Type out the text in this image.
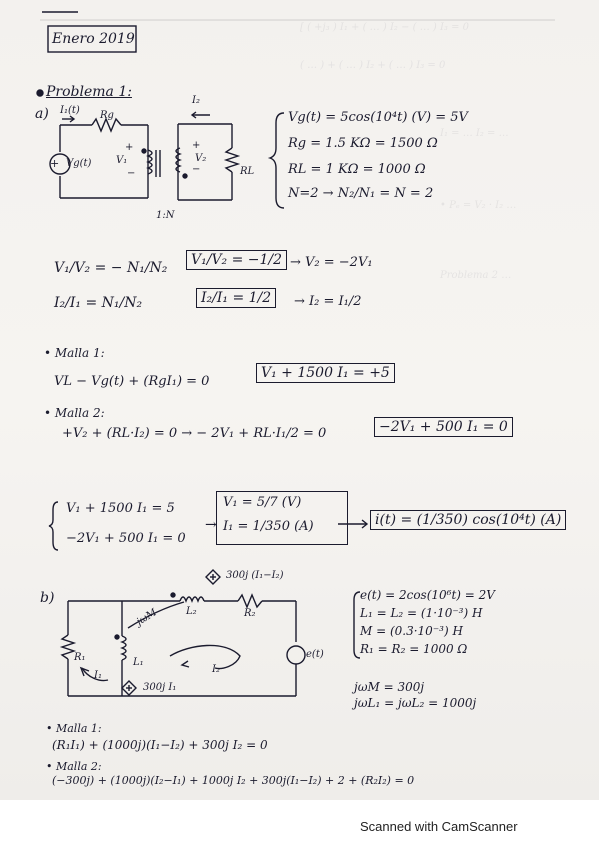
[ ( +j₃ ) I₁ + ( … ) I₂ − ( … ) I₃ = 0
( … ) + ( … ) I₂ + ( … ) I₃ = 0
I₁ = … I₂ = …
• Pₑ = V₂ · I₂ …
Problema 2 …
Enero 2019
Problema 1:
a) I₁(t) Rg
+ Vg(t)
+
V₁
−
I₂
+
V₂
−	RL
1:N
Vg(t) = 5cos(10⁴t) (V) = 5V
Rg = 1.5 KΩ = 1500 Ω
RL = 1 KΩ = 1000 Ω
N=2 → N₂/N₁ = N = 2
V₁/V₂ = − N₁/N₂	V₁/V₂ = −1/2 → V₂ = −2V₁
I₂/I₁ = N₁/N₂	I₂/I₁ = 1/2	→ I₂ = I₁/2
• Malla 1:
VL − Vg(t) + (RgI₁) = 0
V₁ + 1500 I₁ = +5
• Malla 2:
+V₂ + (RL·I₂) = 0 → − 2V₁ + RL·I₁/2 = 0	−2V₁ + 500 I₁ = 0
V₁ + 1500 I₁ = 5
−2V₁ + 500 I₁ = 0
→
V₁ = 5/7 (V)
I₁ = 1/350 (A)	i(t) = (1/350) cos(10⁴t) (A)
b)
300j (I₁−I₂)
jωM	L₂	R₂
e(t)
R₁	L₁
I₁
I₂
300j I₁
e(t) = 2cos(10⁶t) = 2V
L₁ = L₂ = (1·10⁻³) H
M = (0.3·10⁻³) H
R₁ = R₂ = 1000 Ω
jωM = 300j
jωL₁ = jωL₂ = 1000j
• Malla 1:
(R₁I₁) + (1000j)(I₁−I₂) + 300j I₂ = 0
• Malla 2:
(−300j) + (1000j)(I₂−I₁) + 1000j I₂ + 300j(I₁−I₂) + 2 + (R₂I₂) = 0
Scanned with CamScanner
